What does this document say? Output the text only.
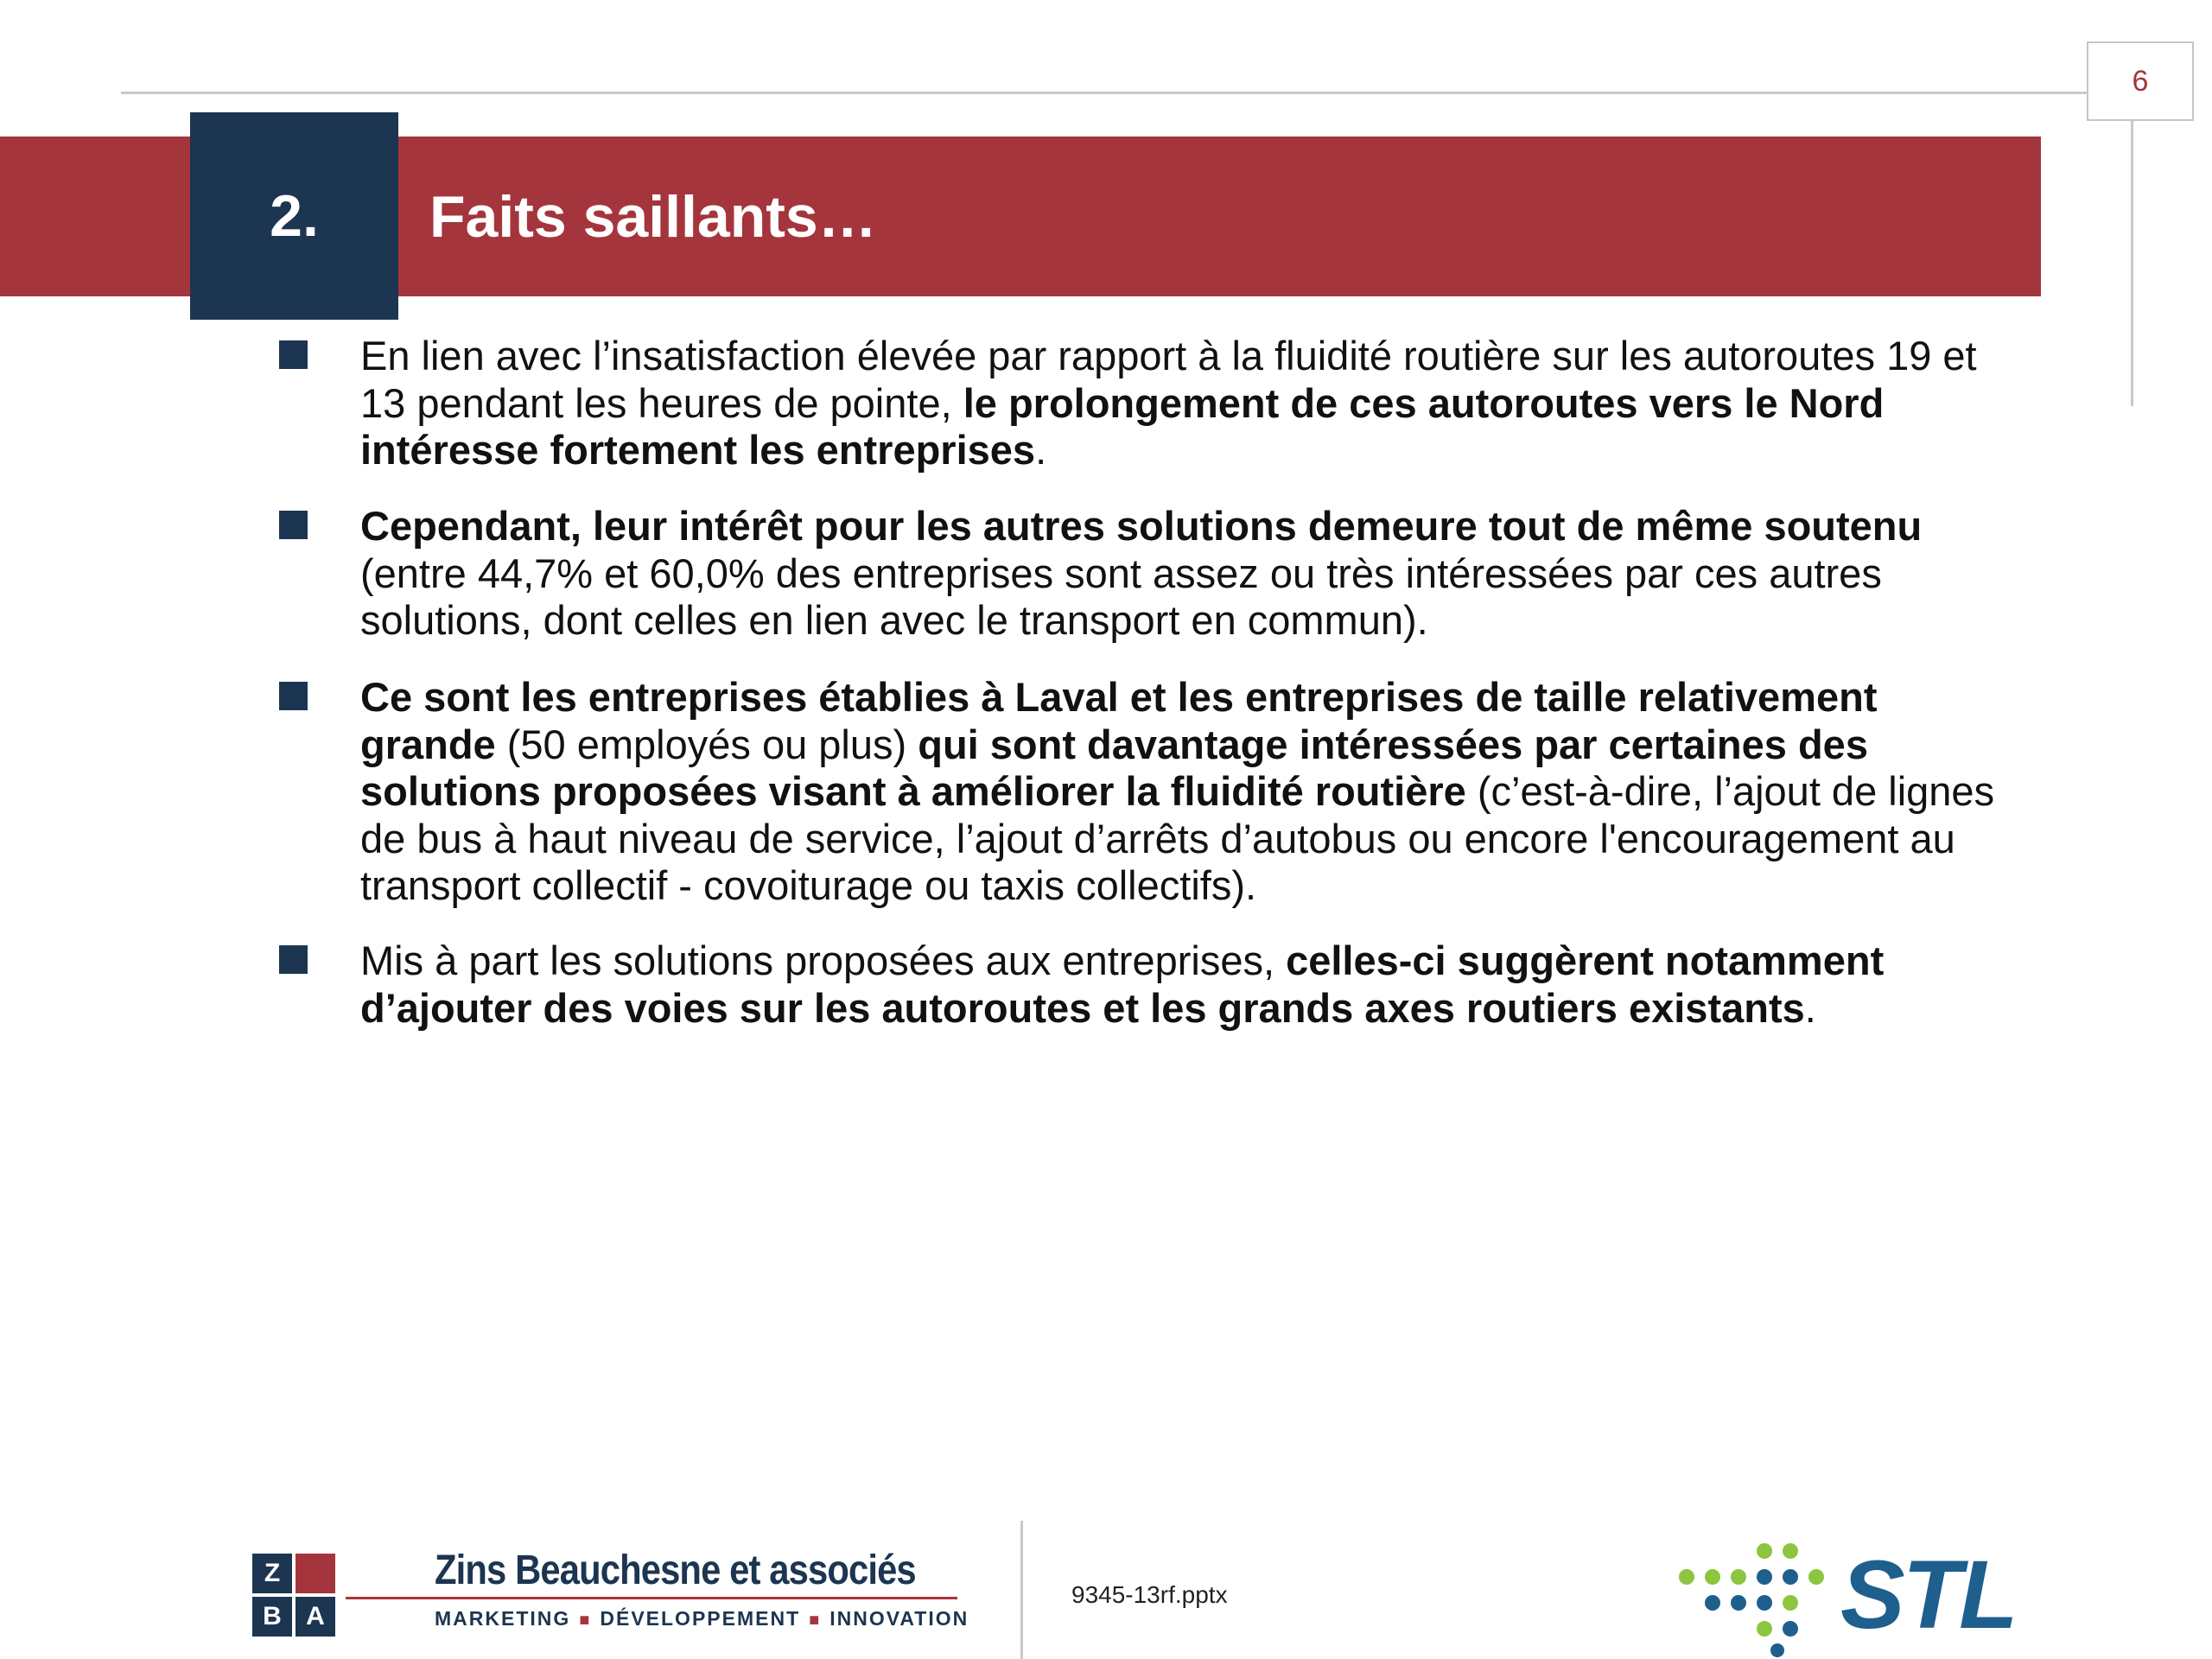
6
2.	Faits saillants…
En lien avec l’insatisfaction élevée par rapport à la fluidité routière sur les autoroutes 19 et 13 pendant les heures de pointe, le prolongement de ces autoroutes vers le Nord intéresse fortement les entreprises.
Cependant, leur intérêt pour les autres solutions demeure tout de même soutenu (entre 44,7% et 60,0% des entreprises sont assez ou très intéressées par ces autres solutions, dont celles en lien avec le transport en commun).
Ce sont les entreprises établies à Laval et les entreprises de taille relativement grande (50 employés ou plus) qui sont davantage intéressées par certaines des solutions proposées visant à améliorer la fluidité routière (c’est-à-dire, l’ajout de lignes de bus à haut niveau de service, l’ajout d’arrêts d’autobus ou encore l'encouragement au transport collectif - covoiturage ou taxis collectifs).
Mis à part les solutions proposées aux entreprises, celles-ci suggèrent notamment d’ajouter des voies sur les autoroutes et les grands axes routiers existants.
Z
B A
Zins Beauchesne et associés
MARKETING ■ DÉVELOPPEMENT ■ INNOVATION
9345-13rf.pptx	STL
